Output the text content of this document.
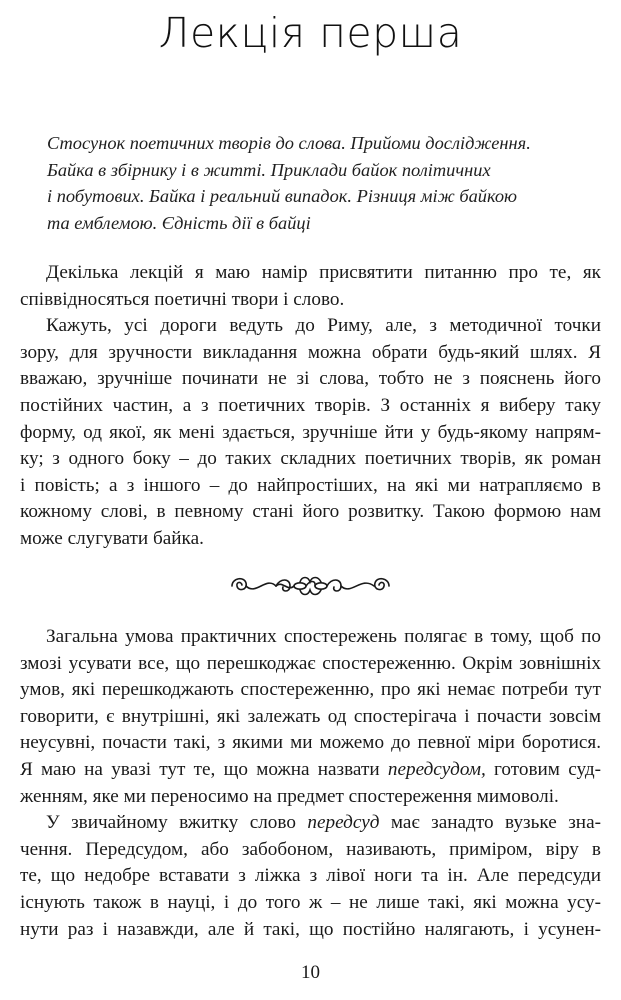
Лекція перша
Стосунок поетичних творів до слова. Прийоми дослідження.
Байка в збірнику і в житті. Приклади байок політичних
і побутових. Байка і реальний випадок. Різниця між байкою
та емблемою. Єдність дії в байці
Декілька лекцій я маю намір присвятити питанню про те, як
співвідносяться поетичні твори і слово.
Кажуть, усі дороги ведуть до Риму, але, з методичної точки
зору, для зручности викладання можна обрати будь-який шлях. Я
вважаю, зручніше починати не зі слова, тобто не з пояснень його
постійних частин, а з поетичних творів. З останніх я виберу таку
форму, од якої, як мені здається, зручніше йти у будь-якому напрям-
ку; з одного боку – до таких складних поетичних творів, як роман
і повість; а з іншого – до найпростіших, на які ми натрапляємо в
кожному слові, в певному стані його розвитку. Такою формою нам
може слугувати байка.
Загальна умова практичних спостережень полягає в тому, щоб по
змозі усувати все, що перешкоджає спостереженню. Окрім зовнішніх
умов, які перешкоджають спостереженню, про які немає потреби тут
говорити, є внутрішні, які залежать од спостерігача і почасти зовсім
неусувні, почасти такі, з якими ми можемо до певної міри боротися.
Я маю на увазі тут те, що можна назвати передсудом, готовим суд-
женням, яке ми переносимо на предмет спостереження мимоволі.
У звичайному вжитку слово передсуд має занадто вузьке зна-
чення. Передсудом, або забобоном, називають, приміром, віру в
те, що недобре вставати з ліжка з лівої ноги та ін. Але передсуди
існують також в науці, і до того ж – не лише такі, які можна усу-
нути раз і назавжди, але й такі, що постійно налягають, і усунен-
10
